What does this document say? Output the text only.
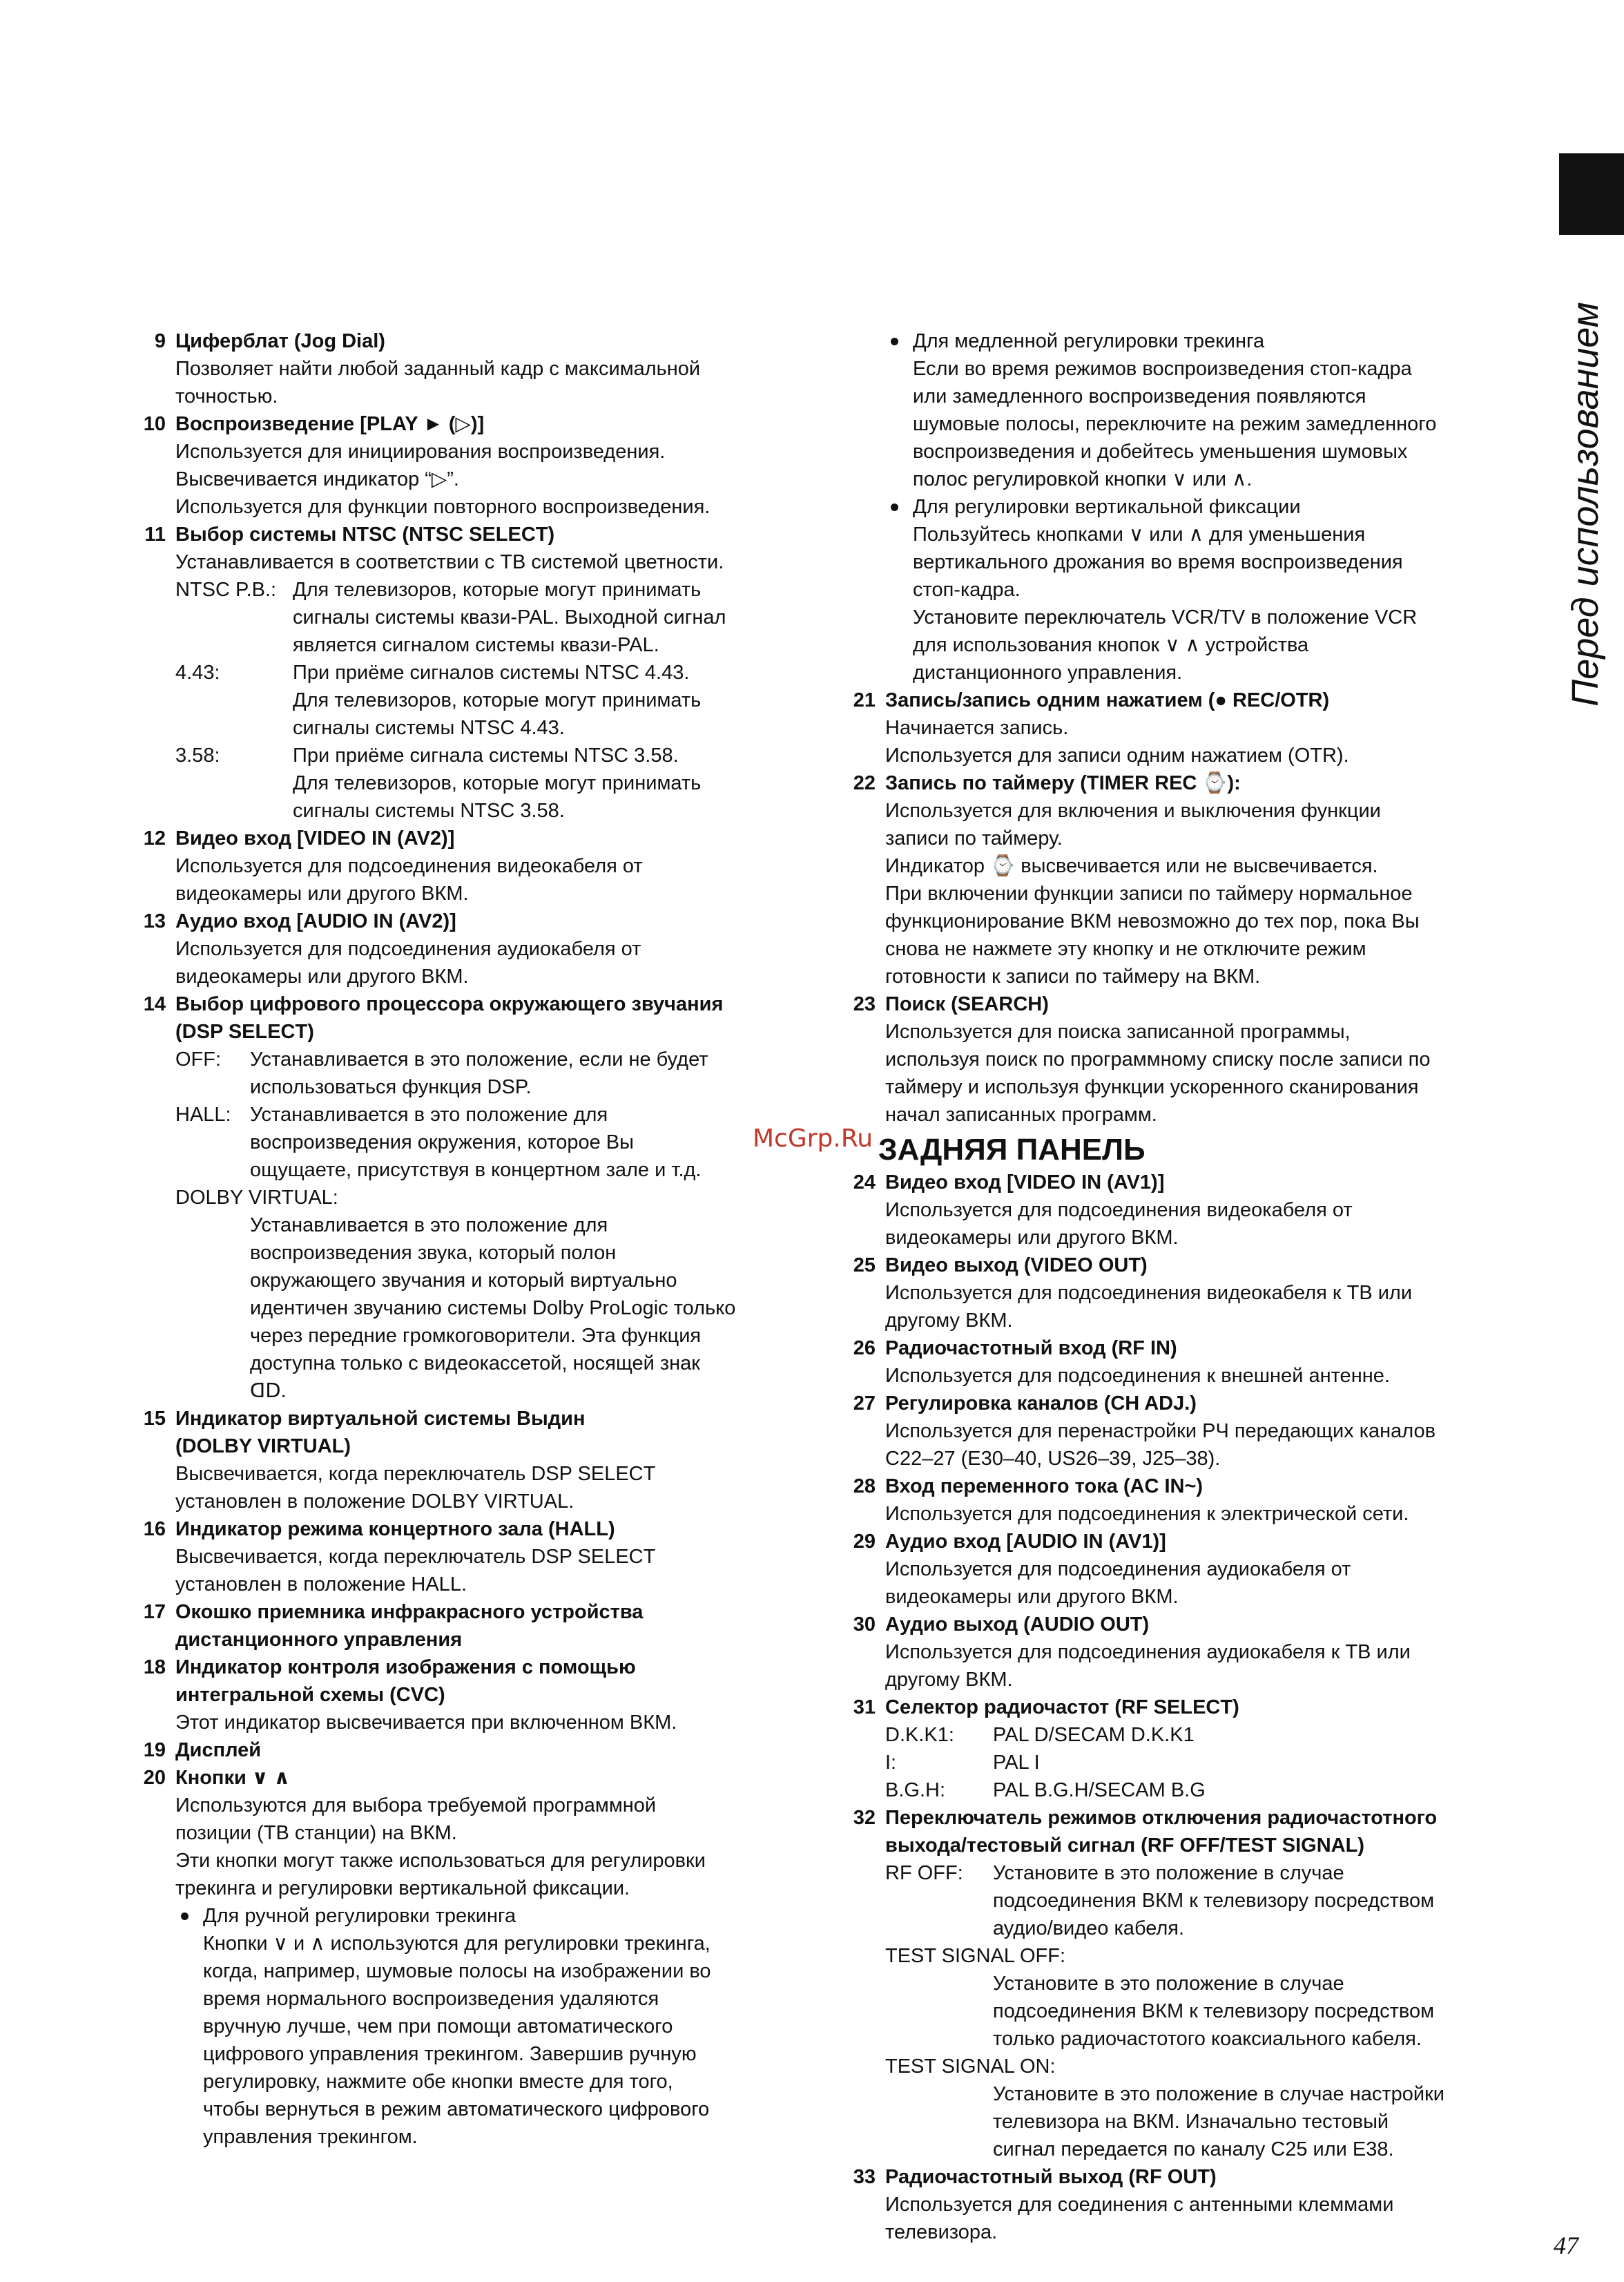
Перед использованием
McGrp.Ru
47
9 Циферблат (Jog Dial)
Позволяет найти любой заданный кадр с максимальной
точностью.
10 Воспроизведение [PLAY ► (▷)]
Используется для инициирования воспроизведения.
Высвечивается индикатор “▷”.
Используется для функции повторного воспроизведения.
11 Выбор системы NTSC (NTSC SELECT)
Устанавливается в соответствии с ТВ системой цветности.
NTSC P.B.: Для телевизоров, которые могут принимать
сигналы системы квази-PAL. Выходной сигнал
является сигналом системы квази-PAL.
4.43:	При приёме сигналов системы NTSC 4.43.
Для телевизоров, которые могут принимать
сигналы системы NTSC 4.43.
3.58:	При приёме сигнала системы NTSC 3.58.
Для телевизоров, которые могут принимать
сигналы системы NTSC 3.58.
12 Видео вход [VIDEO IN (AV2)]
Используется для подсоединения видеокабеля от
видеокамеры или другого ВКМ.
13 Аудио вход [AUDIO IN (AV2)]
Используется для подсоединения аудиокабеля от
видеокамеры или другого ВКМ.
14 Выбор цифрового процессора окружающего звучания
(DSP SELECT)
OFF: Устанавливается в это положение, если не будет
использоваться функция DSP.
HALL: Устанавливается в это положение для
воспроизведения окружения, которое Вы
ощущаете, присутствуя в концертном зале и т.д.
DOLBY VIRTUAL:
Устанавливается в это положение для
воспроизведения звука, который полон
окружающего звучания и который виртуально
идентичен звучанию системы Dolby ProLogic только
через передние громкоговорители. Эта функция
доступна только с видеокассетой, носящей знак
ᗡᗞ.
15 Индикатор виртуальной системы Выдин
(DOLBY VIRTUAL)
Высвечивается, когда переключатель DSP SELECT
установлен в положение DOLBY VIRTUAL.
16 Индикатор режима концертного зала (HALL)
Высвечивается, когда переключатель DSP SELECT
установлен в положение HALL.
17 Окошко приемника инфракрасного устройства
дистанционного управления
18 Индикатор контроля изображения с помощью
интегральной схемы (CVC)
Этот индикатор высвечивается при включенном ВКМ.
19 Дисплей
20 Кнопки ∨ ∧
Используются для выбора требуемой программной
позиции (ТВ станции) на ВКМ.
Эти кнопки могут также использоваться для регулировки
трекинга и регулировки вертикальной фиксации.
Для ручной регулировки трекинга
Кнопки ∨ и ∧ используются для регулировки трекинга,
когда, например, шумовые полосы на изображении во
время нормального воспроизведения удаляются
вручную лучше, чем при помощи автоматического
цифрового управления трекингом. Завершив ручную
регулировку, нажмите обе кнопки вместе для того,
чтобы вернуться в режим автоматического цифрового
управления трекингом.
Для медленной регулировки трекинга
Если во время режимов воспроизведения стоп-кадра
или замедленного воспроизведения появляются
шумовые полосы, переключите на режим замедленного
воспроизведения и добейтесь уменьшения шумовых
полос регулировкой кнопки ∨ или ∧.
Для регулировки вертикальной фиксации
Пользуйтесь кнопками ∨ или ∧ для уменьшения
вертикального дрожания во время воспроизведения
стоп-кадра.
Установите переключатель VCR/TV в положение VCR
для использования кнопок ∨ ∧ устройства
дистанционного управления.
21 Запись/запись одним нажатием (● REC/OTR)
Начинается запись.
Используется для записи одним нажатием (OTR).
22 Запись по таймеру (TIMER REC ⌚):
Используется для включения и выключения функции
записи по таймеру.
Индикатор ⌚ высвечивается или не высвечивается.
При включении функции записи по таймеру нормальное
функционирование ВКМ невозможно до тех пор, пока Вы
снова не нажмете эту кнопку и не отключите режим
готовности к записи по таймеру на ВКМ.
23 Поиск (SEARCH)
Используется для поиска записанной программы,
используя поиск по программному списку после записи по
таймеру и используя функции ускоренного сканирования
начал записанных программ.
ЗАДНЯЯ ПАНЕЛЬ
24 Видео вход [VIDEO IN (AV1)]
Используется для подсоединения видеокабеля от
видеокамеры или другого ВКМ.
25 Видео выход (VIDEO OUT)
Используется для подсоединения видеокабеля к ТВ или
другому ВКМ.
26 Радиочастотный вход (RF IN)
Используется для подсоединения к внешней антенне.
27 Регулировка каналов (CH ADJ.)
Используется для перенастройки РЧ передающих каналов
C22–27 (E30–40, US26–39, J25–38).
28 Вход переменного тока (AC IN~)
Используется для подсоединения к электрической сети.
29 Аудио вход [AUDIO IN (AV1)]
Используется для подсоединения аудиокабеля от
видеокамеры или другого ВКМ.
30 Аудио выход (AUDIO OUT)
Используется для подсоединения аудиокабеля к ТВ или
другому ВКМ.
31 Селектор радиочастот (RF SELECT)
D.K.K1: PAL D/SECAM D.K.K1
I:	PAL I
B.G.H: PAL B.G.H/SECAM B.G
32 Переключатель режимов отключения радиочастотного
выхода/тестовый сигнал (RF OFF/TEST SIGNAL)
RF OFF: Установите в это положение в случае
подсоединения ВКМ к телевизору посредством
аудио/видео кабеля.
TEST SIGNAL OFF:
Установите в это положение в случае
подсоединения ВКМ к телевизору посредством
только радиочастотого коаксиального кабеля.
TEST SIGNAL ON:
Установите в это положение в случае настройки
телевизора на ВКМ. Изначально тестовый
сигнал передается по каналу C25 или E38.
33 Радиочастотный выход (RF OUT)
Используется для соединения с антенными клеммами
телевизора.
